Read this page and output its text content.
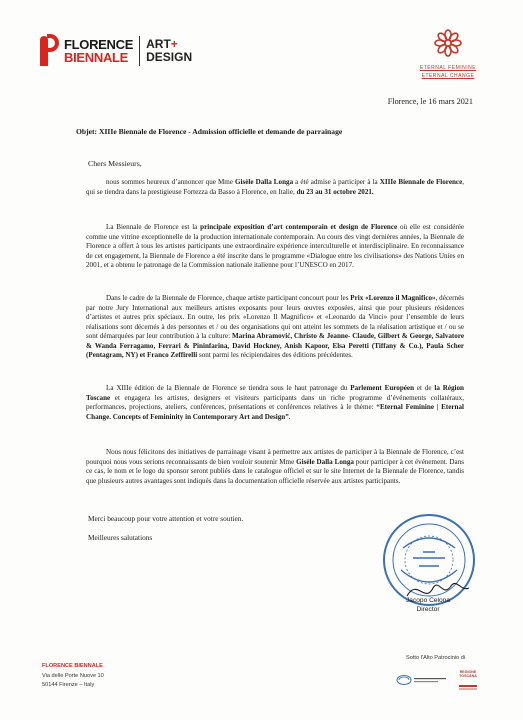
FLORENCE
BIENNALE
ART+
DESIGN
ETERNAL FEMININE
ETERNAL CHANGE
Florence, le 16 mars 2021
Objet: XIIIe Biennale de Florence - Admission officielle et demande de parrainage
Chers Messieurs,
nous sommes heureux d’annoncer que Mme Gisèle Dalla Longa a été admise à participer à la XIIIe Biennale de Florence, qui se tiendra dans la prestigieuse Fortezza da Basso à Florence, en Italie, du 23 au 31 octobre 2021.
La Biennale de Florence est la principale exposition d’art contemporain et design de Florence où elle est considérée comme une vitrine exceptionnelle de la production internationale contemporain. Au cours des vingt dernières années, la Biennale de Florence a offert à tous les artistes participants une extraordinaire expérience interculturelle et interdisciplinaire. En reconnaissance de cet engagement, la Biennale de Florence a été inscrite dans le programme «Dialogue entre les civilisations» des Nations Unies en 2001, et a obtenu le patronage de la Commission nationale italienne pour l’UNESCO en 2017.
Dans le cadre de la Biennale de Florence, chaque artiste participant concourt pour les Prix «Lorenzo il Magnifico», décernés par notre Jury International aux meilleurs artistes exposants pour leurs œuvres exposées, ainsi que pour plusieurs résidences d’artistes et autres prix spéciaux. En outre, les prix «Lorenzo Il Magnifico» et «Leonardo da Vinci» pour l’ensemble de leurs réalisations sont décernés à des personnes et / ou des organisations qui ont atteint les sommets de la réalisation artistique et / ou se sont démarquées par leur contribution à la culture: Marina Abramović, Christo & Jeanne- Claude, Gilbert & George, Salvatore & Wanda Ferragamo, Ferrari & Pininfarina, David Hockney, Anish Kapoor, Elsa Peretti (Tiffany & Co.), Paula Scher (Pentagram, NY) et Franco Zeffirelli sont parmi les récipiendaires des éditions précédentes.
La XIIIe édition de la Biennale de Florence se tiendra sous le haut patronage du Parlement Européen et de la Région Toscane et engagera les artistes, designers et visiteurs participants dans un riche programme d’événements collatéraux, performances, projections, ateliers, conférences, présentations et conférences relatives à le thème: “Eternal Feminine | Eternal Change. Concepts of Femininity in Contemporary Art and Design”.
Nous nous félicitons des initiatives de parrainage visant à permettre aux artistes de participer à la Biennale de Florence, c’est pourquoi nous vous serions reconnaissants de bien vouloir soutenir Mme Gisèle Dalla Longa pour participer à cet événement. Dans ce cas, le nom et le logo du sponsor seront publiés dans le catalogue officiel et sur le site Internet de la Biennale de Florence, tandis que plusieurs autres avantages sont indiqués dans la documentation officielle réservée aux artistes participants.
Merci beaucoup pour votre attention et votre soutien.
Meilleures salutations
Jacopo Celona
Director
FLORENCE BIENNALE
Via delle Porte Nuove 10
50144 Firenze – Italy
Sotto l’Alto Patrocinio di
REGIONE
TOSCANA
